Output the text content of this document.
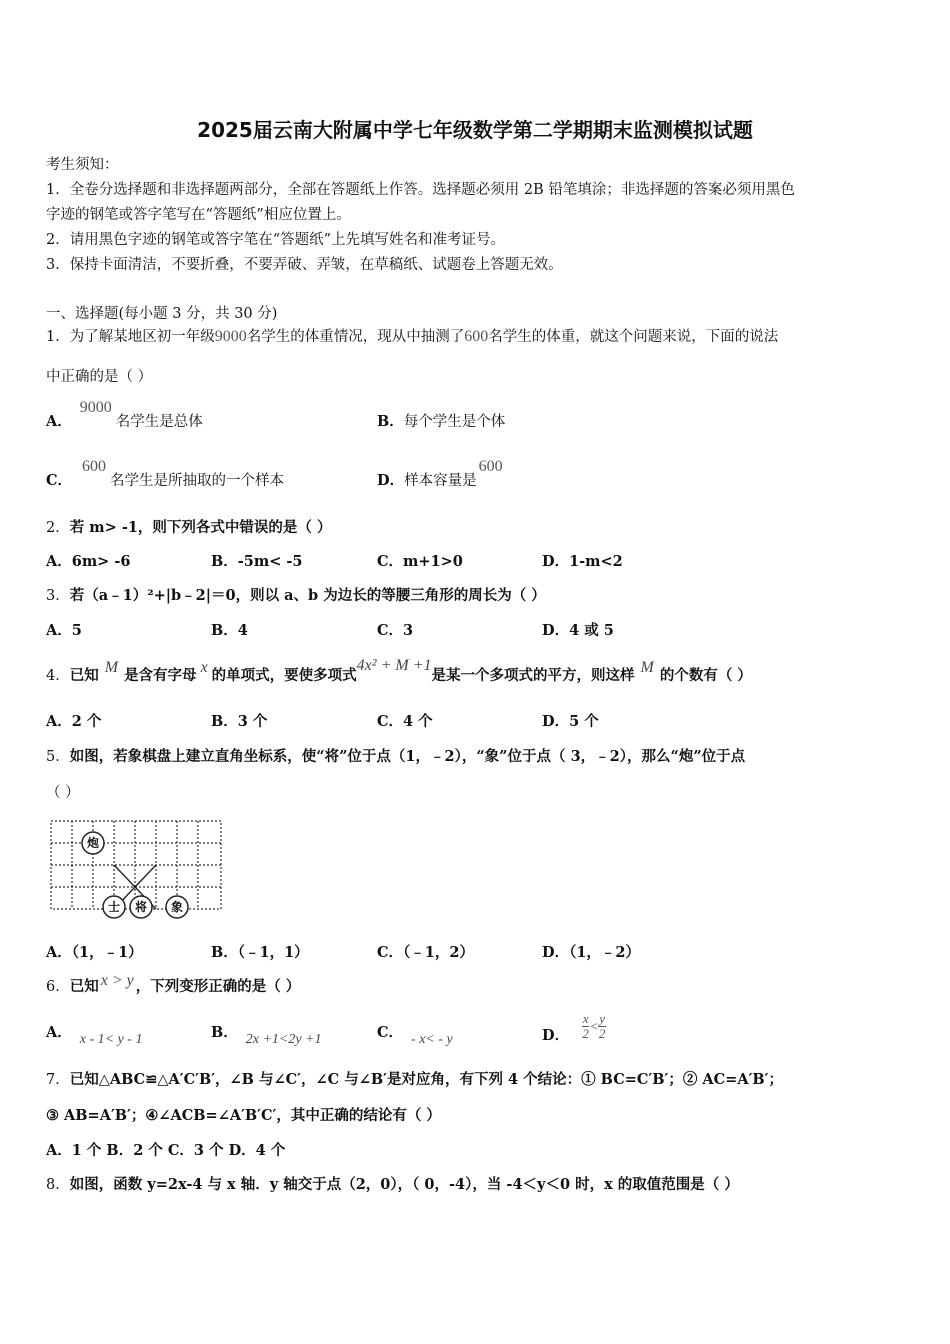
2025届云南大附属中学七年级数学第二学期期末监测模拟试题
考生须知：
1．全卷分选择题和非选择题两部分，全部在答题纸上作答。选择题必须用 2B 铅笔填涂；非选择题的答案必须用黑色
字迹的钢笔或答字笔写在“答题纸”相应位置上。
2．请用黑色字迹的钢笔或答字笔在“答题纸”上先填写姓名和准考证号。
3．保持卡面清洁，不要折叠，不要弄破、弄皱，在草稿纸、试题卷上答题无效。
一、选择题(每小题 3 分，共 30 分)
1．为了解某地区初一年级9000名学生的体重情况，现从中抽测了600名学生的体重，就这个问题来说，下面的说法
中正确的是（ ）
A．9000名学生是总体	B．每个学生是个体
C．600名学生是所抽取的一个样本	D．样本容量是600
2．若 m> -1，则下列各式中错误的是（ ）
A．6m> -6	B．-5m< -5	C．m+1>0	D．1-m<2
3．若（a﹣1）²+|b﹣2|＝0，则以 a、b 为边长的等腰三角形的周长为（ ）
A．5	B．4	C．3	D．4 或 5
4．已知 M 是含有字母 x 的单项式，要使多项式4x² + M +1是某一个多项式的平方，则这样 M 的个数有（ ）
A．2 个	B．3 个	C．4 个	D．5 个
5．如图，若象棋盘上建立直角坐标系，使“将”位于点（1，﹣2），“象”位于点（ 3，﹣2），那么“炮”位于点
（ ）
炮
士 将 象
A．（1，﹣1）	B．（﹣1，1）	C．（﹣1，2）	D．（1，﹣2）
6．已知 x > y ，下列变形正确的是（ ）
A． x - 1< y - 1	B． 2x +1<2y +1	C． - x< - y	D． $\frac{x}{2} < \frac{y}{2}$
7．已知△ABC≌△A′C′B′，∠B 与∠C′，∠C 与∠B′是对应角，有下列 4 个结论：① BC=C′B′；② AC=A′B′；
③ AB=A′B′；④∠ACB=∠A′B′C′，其中正确的结论有（ ）
A．1 个 B．2 个 C．3 个 D．4 个
8．如图，函数 y=2x-4 与 x 轴．y 轴交于点（2，0），（ 0，-4），当 -4＜y＜0 时，x 的取值范围是（ ）
